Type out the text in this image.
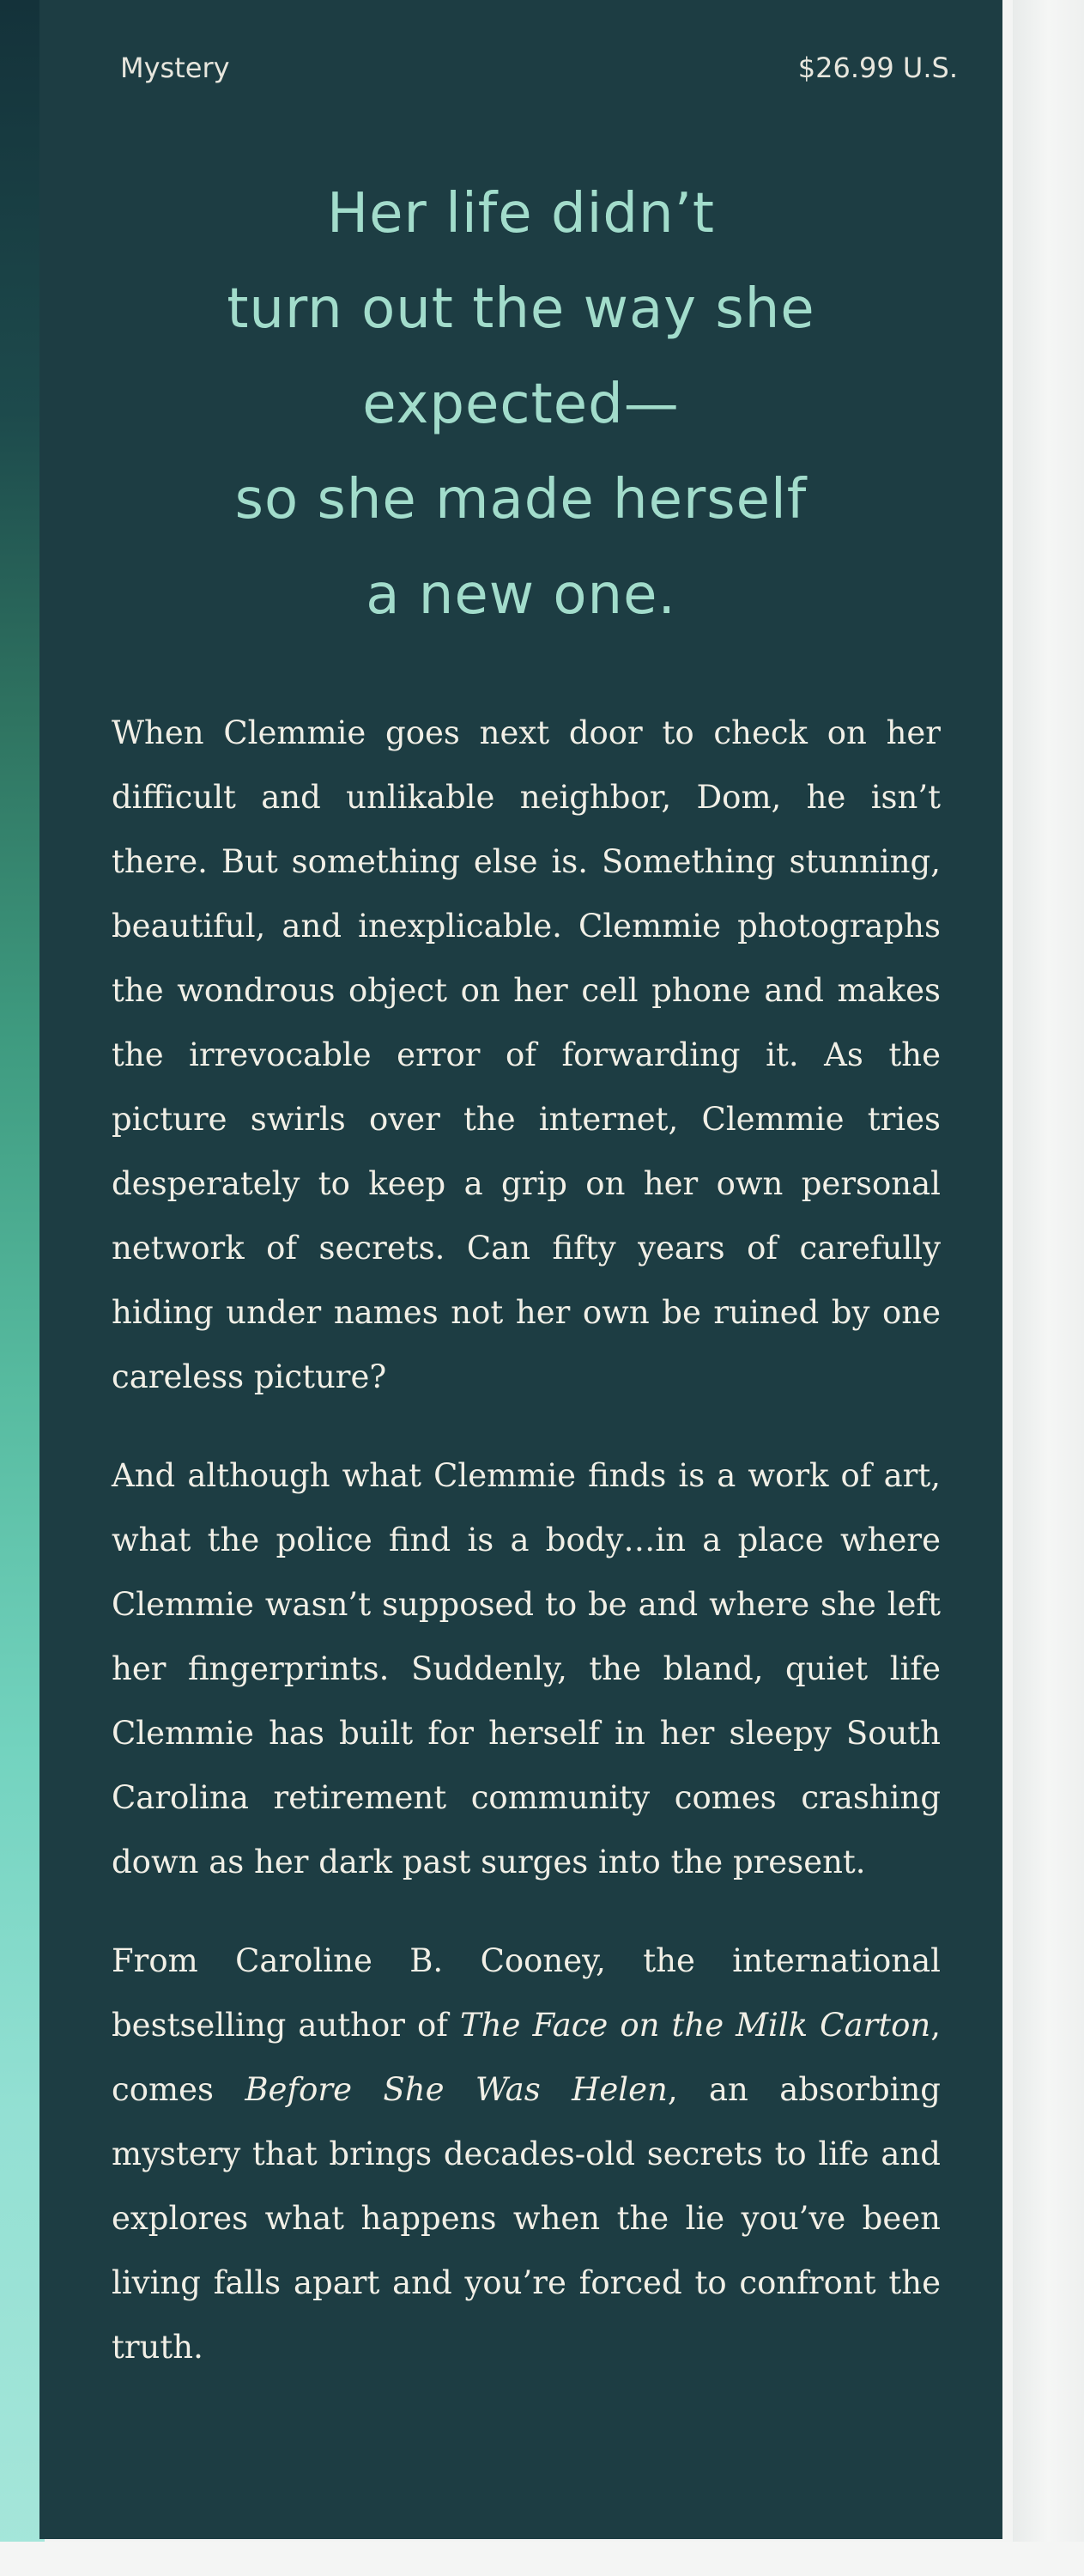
Mystery	$26.99 U.S.
Her life didn’t
turn out the way she
expected—
so she made herself
a new one.

When Clemmie goes next door to check on her difficult and unlikable neighbor, Dom, he isn’t there. But something else is. Something stunning, beautiful, and inexplicable. Clemmie photographs the wondrous object on her cell phone and makes the irrevocable error of forwarding it. As the picture swirls over the internet, Clemmie tries desperately to keep a grip on her own personal network of secrets. Can fifty years of carefully hiding under names not her own be ruined by one careless picture?

And although what Clemmie finds is a work of art, what the police find is a body…in a place where Clemmie wasn’t supposed to be and where she left her fingerprints. Suddenly, the bland, quiet life Clemmie has built for herself in her sleepy South Carolina retirement community comes crashing down as her dark past surges into the present.

From Caroline B. Cooney, the international bestselling author of The Face on the Milk Carton, comes Before She Was Helen, an absorbing mystery that brings decades-old secrets to life and explores what happens when the lie you’ve been living falls apart and you’re forced to confront the truth.
